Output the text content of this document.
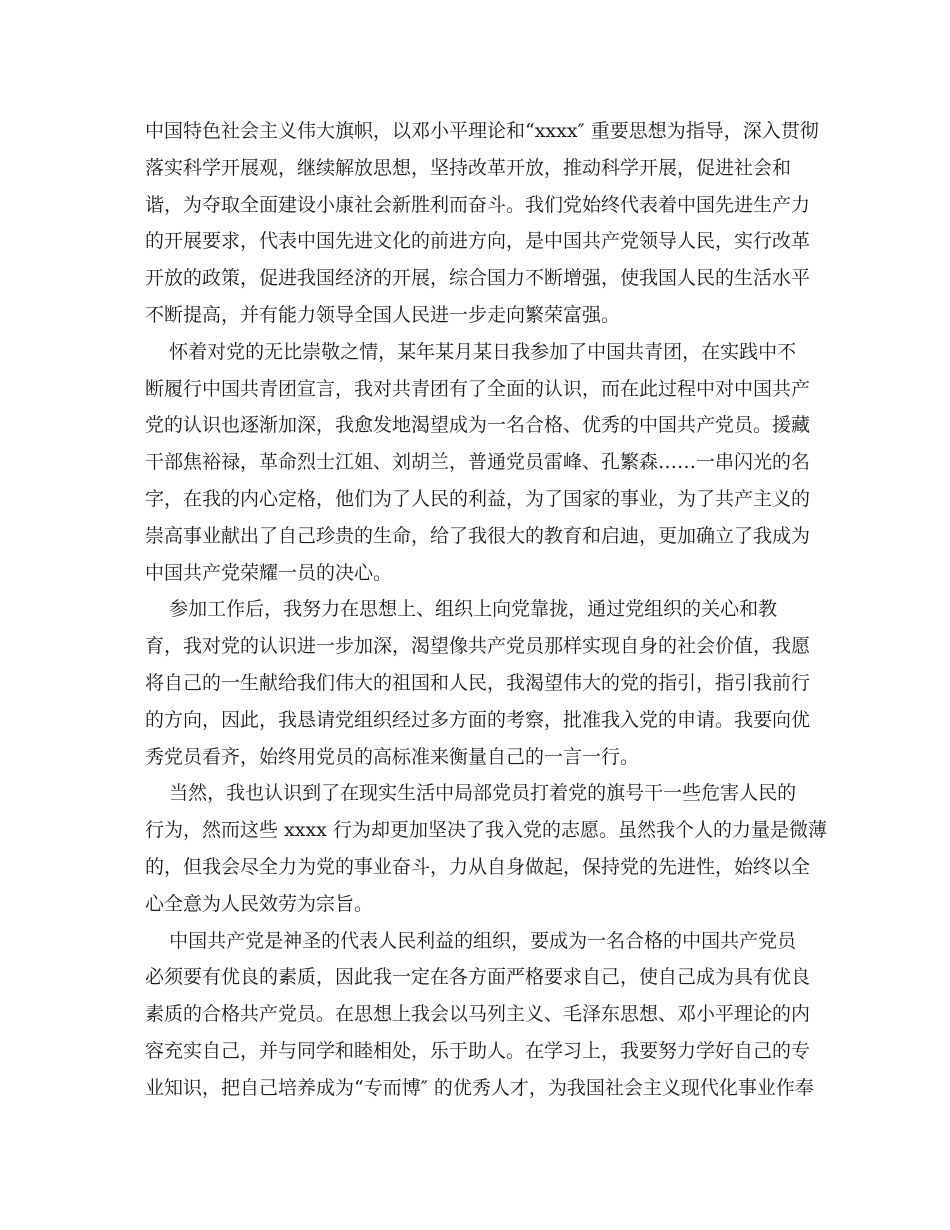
中国特色社会主义伟大旗帜，以邓小平理论和“xxxx″ 重要思想为指导，深入贯彻
落实科学开展观，继续解放思想，坚持改革开放，推动科学开展，促进社会和
谐，为夺取全面建设小康社会新胜利而奋斗。我们党始终代表着中国先进生产力
的开展要求，代表中国先进文化的前进方向，是中国共产党领导人民，实行改革
开放的政策，促进我国经济的开展，综合国力不断增强，使我国人民的生活水平
不断提高，并有能力领导全国人民进一步走向繁荣富强。
怀着对党的无比崇敬之情，某年某月某日我参加了中国共青团，在实践中不
断履行中国共青团宣言，我对共青团有了全面的认识，而在此过程中对中国共产
党的认识也逐渐加深，我愈发地渴望成为一名合格、优秀的中国共产党员。援藏
干部焦裕禄，革命烈士江姐、刘胡兰，普通党员雷峰、孔繁森……一串闪光的名
字，在我的内心定格，他们为了人民的利益，为了国家的事业，为了共产主义的
崇高事业献出了自己珍贵的生命，给了我很大的教育和启迪，更加确立了我成为
中国共产党荣耀一员的决心。
参加工作后，我努力在思想上、组织上向党靠拢，通过党组织的关心和教
育，我对党的认识进一步加深，渴望像共产党员那样实现自身的社会价值，我愿
将自己的一生献给我们伟大的祖国和人民，我渴望伟大的党的指引，指引我前行
的方向，因此，我恳请党组织经过多方面的考察，批准我入党的申请。我要向优
秀党员看齐，始终用党员的高标准来衡量自己的一言一行。
当然，我也认识到了在现实生活中局部党员打着党的旗号干一些危害人民的
行为，然而这些 xxxx 行为却更加坚决了我入党的志愿。虽然我个人的力量是微薄
的，但我会尽全力为党的事业奋斗，力从自身做起，保持党的先进性，始终以全
心全意为人民效劳为宗旨。
中国共产党是神圣的代表人民利益的组织，要成为一名合格的中国共产党员
必须要有优良的素质，因此我一定在各方面严格要求自己，使自己成为具有优良
素质的合格共产党员。在思想上我会以马列主义、毛泽东思想、邓小平理论的内
容充实自己，并与同学和睦相处，乐于助人。在学习上，我要努力学好自己的专
业知识，把自己培养成为“专而博″ 的优秀人才，为我国社会主义现代化事业作奉
